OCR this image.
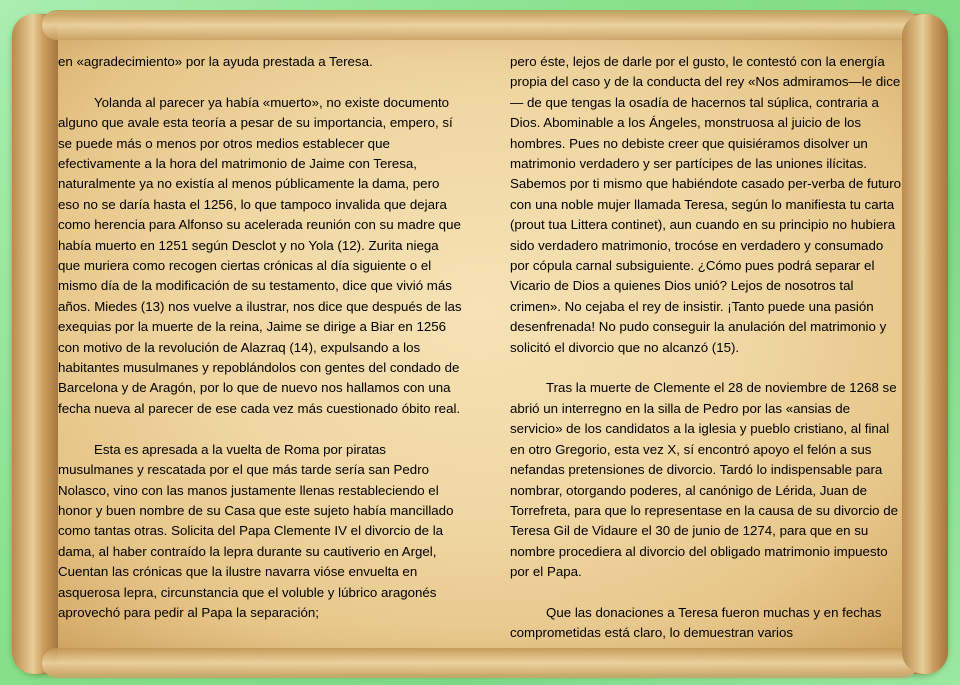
en «agradecimiento» por la ayuda prestada a Teresa.

Yolanda al parecer ya había «muerto», no existe documento alguno que avale esta teoría a pesar de su importancia, empero, sí se puede más o menos por otros medios establecer que efectivamente a la hora del matrimonio de Jaime con Teresa, naturalmente ya no existía al menos públicamente la dama, pero eso no se daría hasta el 1256, lo que tampoco invalida que dejara como herencia para Alfonso su acelerada reunión con su madre que había muerto en 1251 según Desclot y no Yola (12). Zurita niega que muriera como recogen ciertas crónicas al día siguiente o el mismo día de la modificación de su testamento, dice que vivió más años. Miedes (13) nos vuelve a ilustrar, nos dice que después de las exequias por la muerte de la reina, Jaime se dirige a Biar en 1256 con motivo de la revolución de Alazraq (14), expulsando a los habitantes musulmanes y repoblándolos con gentes del condado de Barcelona y de Aragón, por lo que de nuevo nos hallamos con una fecha nueva al parecer de ese cada vez más cuestionado óbito real.

Esta es apresada a la vuelta de Roma por piratas musulmanes y rescatada por el que más tarde sería san Pedro Nolasco, vino con las manos justamente llenas restableciendo el honor y buen nombre de su Casa que este sujeto había mancillado como tantas otras. Solicita del Papa Clemente IV el divorcio de la dama, al haber contraído la lepra durante su cautiverio en Argel, Cuentan las crónicas que la ilustre navarra vióse envuelta en asquerosa lepra, circunstancia que el voluble y lúbrico aragonés aprovechó para pedir al Papa la separación;

pero éste, lejos de darle por el gusto, le contestó con la energía propia del caso y de la conducta del rey «Nos admiramos—le dice— de que tengas la osadía de hacernos tal súplica, contraria a Dios. Abominable a los Ángeles, monstruosa al juicio de los hombres. Pues no debiste creer que quisiéramos disolver un matrimonio verdadero y ser partícipes de las uniones ilícitas. Sabemos por ti mismo que habiéndote casado per-verba de futuro con una noble mujer llamada Teresa, según lo manifiesta tu carta (prout tua Littera continet), aun cuando en su principio no hubiera sido verdadero matrimonio, trocóse en verdadero y consumado por cópula carnal subsiguiente. ¿Cómo pues podrá separar el Vicario de Dios a quienes Dios unió? Lejos de nosotros tal crimen». No cejaba el rey de insistir. ¡Tanto puede una pasión desenfrenada! No pudo conseguir la anulación del matrimonio y solicitó el divorcio que no alcanzó (15).

Tras la muerte de Clemente el 28 de noviembre de 1268 se abrió un interregno en la silla de Pedro por las «ansias de servicio» de los candidatos a la iglesia y pueblo cristiano, al final en otro Gregorio, esta vez X, sí encontró apoyo el felón a sus nefandas pretensiones de divorcio. Tardó lo indispensable para nombrar, otorgando poderes, al canónigo de Lérida, Juan de Torrefreta, para que lo representase en la causa de su divorcio de Teresa Gil de Vidaure el 30 de junio de 1274, para que en su nombre procediera al divorcio del obligado matrimonio impuesto por el Papa.

Que las donaciones a Teresa fueron muchas y en fechas comprometidas está claro, lo demuestran varios
